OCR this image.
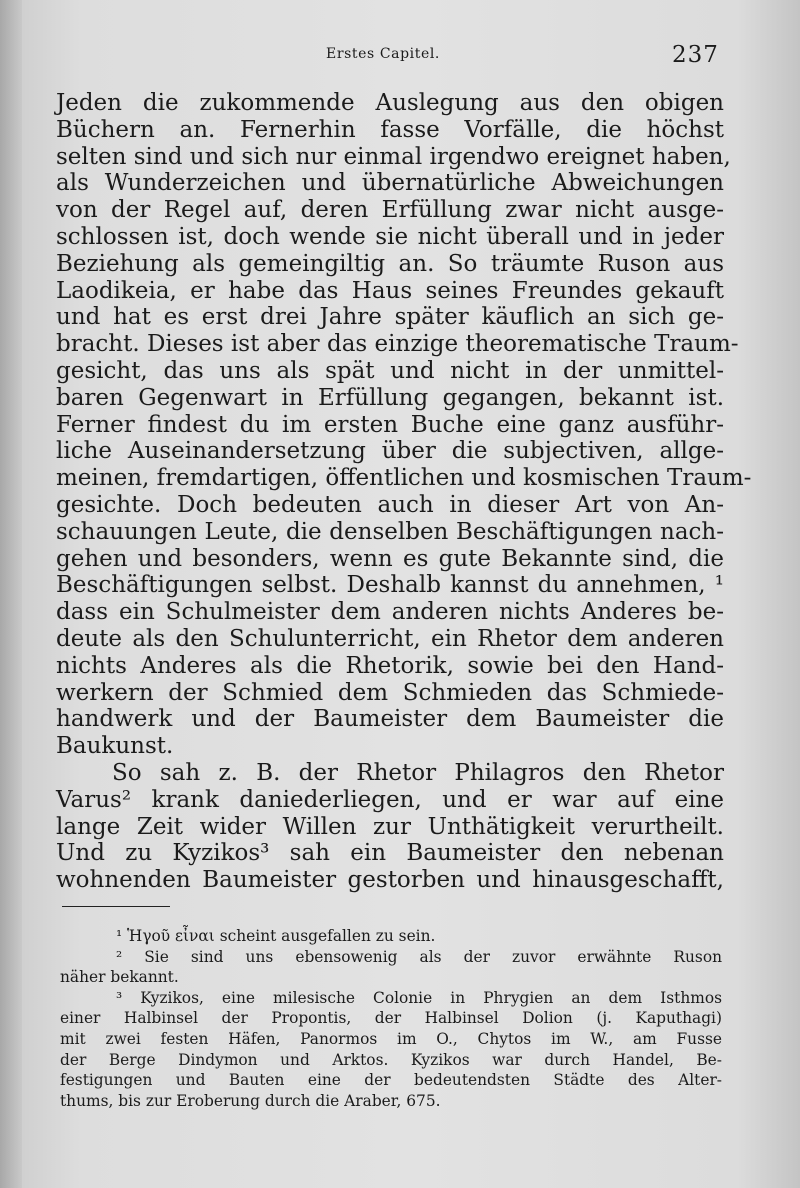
Erstes Capitel.	237
Jeden die zukommende Auslegung aus den obigen
Büchern an. Fernerhin fasse Vorfälle, die höchst
selten sind und sich nur einmal irgendwo ereignet haben,
als Wunderzeichen und übernatürliche Abweichungen
von der Regel auf, deren Erfüllung zwar nicht ausge-
schlossen ist, doch wende sie nicht überall und in jeder
Beziehung als gemeingiltig an. So träumte Ruson aus
Laodikeia, er habe das Haus seines Freundes gekauft
und hat es erst drei Jahre später käuflich an sich ge-
bracht. Dieses ist aber das einzige theorematische Traum-
gesicht, das uns als spät und nicht in der unmittel-
baren Gegenwart in Erfüllung gegangen, bekannt ist.
Ferner findest du im ersten Buche eine ganz ausführ-
liche Auseinandersetzung über die subjectiven, allge-
meinen, fremdartigen, öffentlichen und kosmischen Traum-
gesichte. Doch bedeuten auch in dieser Art von An-
schauungen Leute, die denselben Beschäftigungen nach-
gehen und besonders, wenn es gute Bekannte sind, die
Beschäftigungen selbst. Deshalb kannst du annehmen, ¹
dass ein Schulmeister dem anderen nichts Anderes be-
deute als den Schulunterricht, ein Rhetor dem anderen
nichts Anderes als die Rhetorik, sowie bei den Hand-
werkern der Schmied dem Schmieden das Schmiede-
handwerk und der Baumeister dem Baumeister die
Baukunst.
So sah z. B. der Rhetor Philagros den Rhetor
Varus² krank daniederliegen, und er war auf eine
lange Zeit wider Willen zur Unthätigkeit verurtheilt.
Und zu Kyzikos³ sah ein Baumeister den nebenan
wohnenden Baumeister gestorben und hinausgeschafft,
¹ Ἡγοῦ εἶναι scheint ausgefallen zu sein.
² Sie sind uns ebensowenig als der zuvor erwähnte Ruson
näher bekannt.
³ Kyzikos, eine milesische Colonie in Phrygien an dem Isthmos
einer Halbinsel der Propontis, der Halbinsel Dolion (j. Kaputhagi)
mit zwei festen Häfen, Panormos im O., Chytos im W., am Fusse
der Berge Dindymon und Arktos. Kyzikos war durch Handel, Be-
festigungen und Bauten eine der bedeutendsten Städte des Alter-
thums, bis zur Eroberung durch die Araber, 675.
